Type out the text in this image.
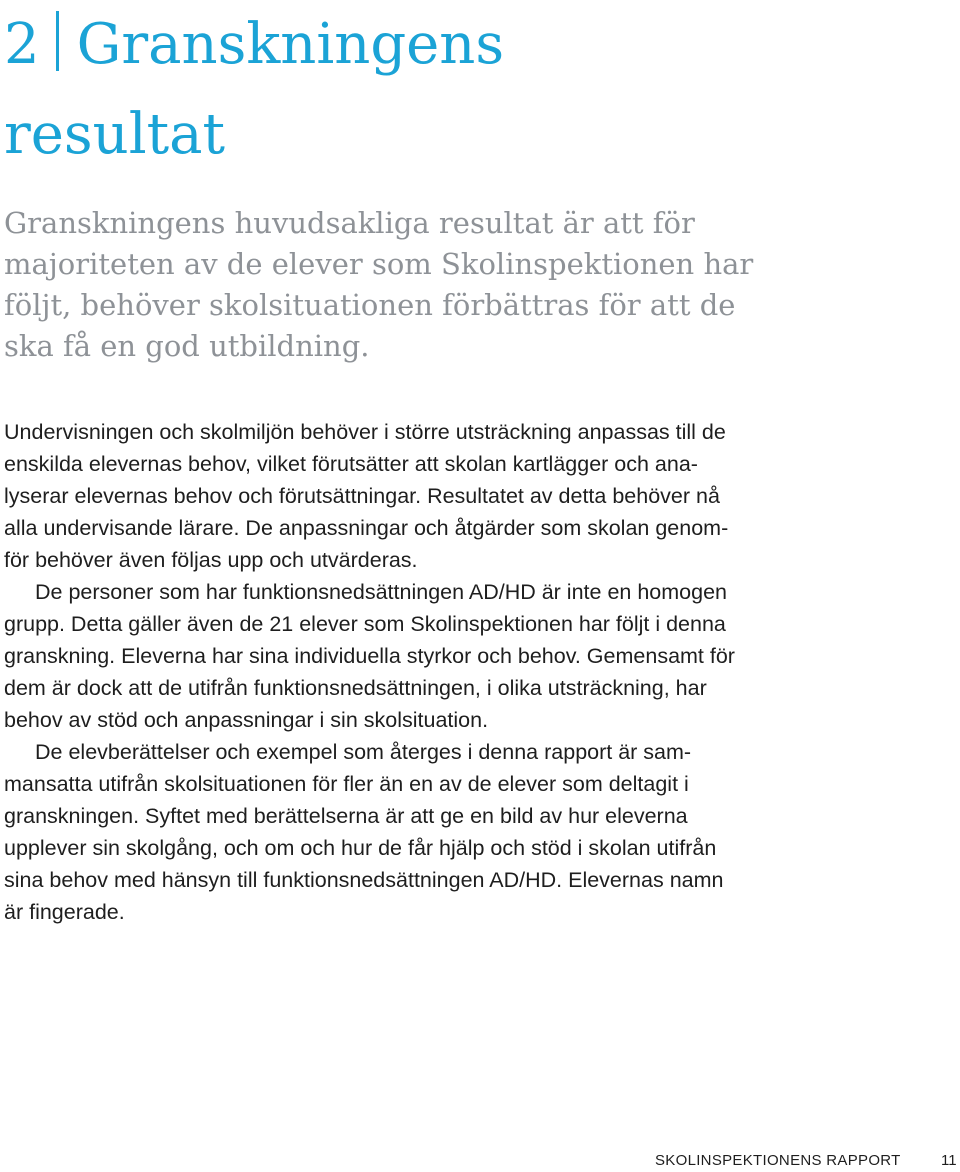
2 Granskningens
resultat

Granskningens huvudsakliga resultat är att för
majoriteten av de elever som Skolinspektionen har
följt, behöver skolsituationen förbättras för att de
ska få en god utbildning.

Undervisningen och skolmiljön behöver i större utsträckning anpassas till de
enskilda elevernas behov, vilket förutsätter att skolan kartlägger och ana-
lyserar elevernas behov och förutsättningar. Resultatet av detta behöver nå
alla undervisande lärare. De anpassningar och åtgärder som skolan genom-
för behöver även följas upp och utvärderas.
De personer som har funktionsnedsättningen AD/HD är inte en homogen
grupp. Detta gäller även de 21 elever som Skolinspektionen har följt i denna
granskning. Eleverna har sina individuella styrkor och behov. Gemensamt för
dem är dock att de utifrån funktionsnedsättningen, i olika utsträckning, har
behov av stöd och anpassningar i sin skolsituation.
De elevberättelser och exempel som återges i denna rapport är sam-
mansatta utifrån skolsituationen för fler än en av de elever som deltagit i
granskningen. Syftet med berättelserna är att ge en bild av hur eleverna
upplever sin skolgång, och om och hur de får hjälp och stöd i skolan utifrån
sina behov med hänsyn till funktionsnedsättningen AD/HD. Elevernas namn
är fingerade.
SKOLINSPEKTIONENS RAPPORT	11
